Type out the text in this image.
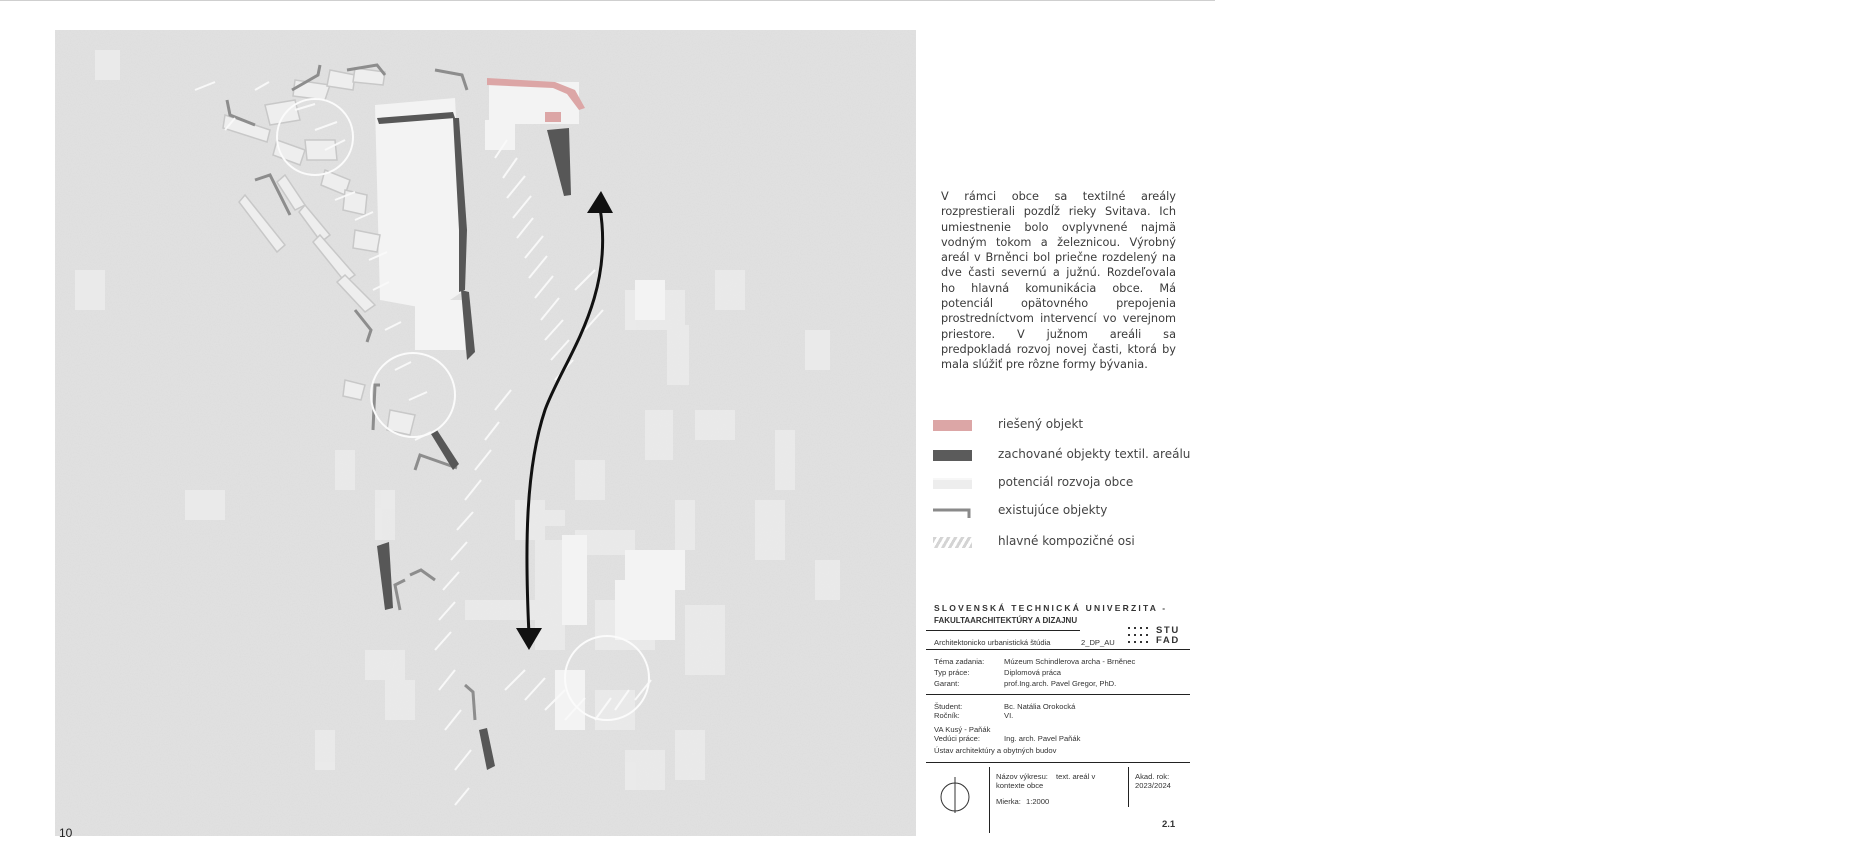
10
V rámci obce sa textilné areály rozprestierali pozdĺž rieky Svitava. Ich umiestnenie bolo ovplyvnené najmä vodným tokom a železnicou. Výrobný areál v Brněnci bol priečne rozdelený na dve časti severnú a južnú. Rozdeľovala ho hlavná komunikácia obce. Má potenciál opätovného prepojenia prostredníctvom intervencí vo verejnom priestore. V južnom areáli sa predpokladá rozvoj novej časti, ktorá by mala slúžiť pre rôzne formy bývania.
riešený objekt
zachované objekty textil. areálu
potenciál rozvoja obce
existujúce objekty
hlavné kompozičné osi
SLOVENSKÁ TECHNICKÁ UNIVERZITA -
FAKULTAARCHITEKTÚRY A DIZAJNU
Architektonicko urbanistická štúdia	2_DP_AU
STU
FAD
Téma zadania:	Múzeum Schindlerova archa - Brněnec
Typ práce:	Diplomová práca
Garant:	prof.Ing.arch. Pavel Gregor, PhD.
Študent:	Bc. Natália Orokocká
Ročník:	VI.
VA Kusý - Paňák
Vedúci práce:	Ing. arch. Pavel Paňák
Ústav architektúry a obytných budov
Názov výkresu: text. areál v
kontexte obce
Akad. rok:
2023/2024
Mierka: 1:2000
2.1
